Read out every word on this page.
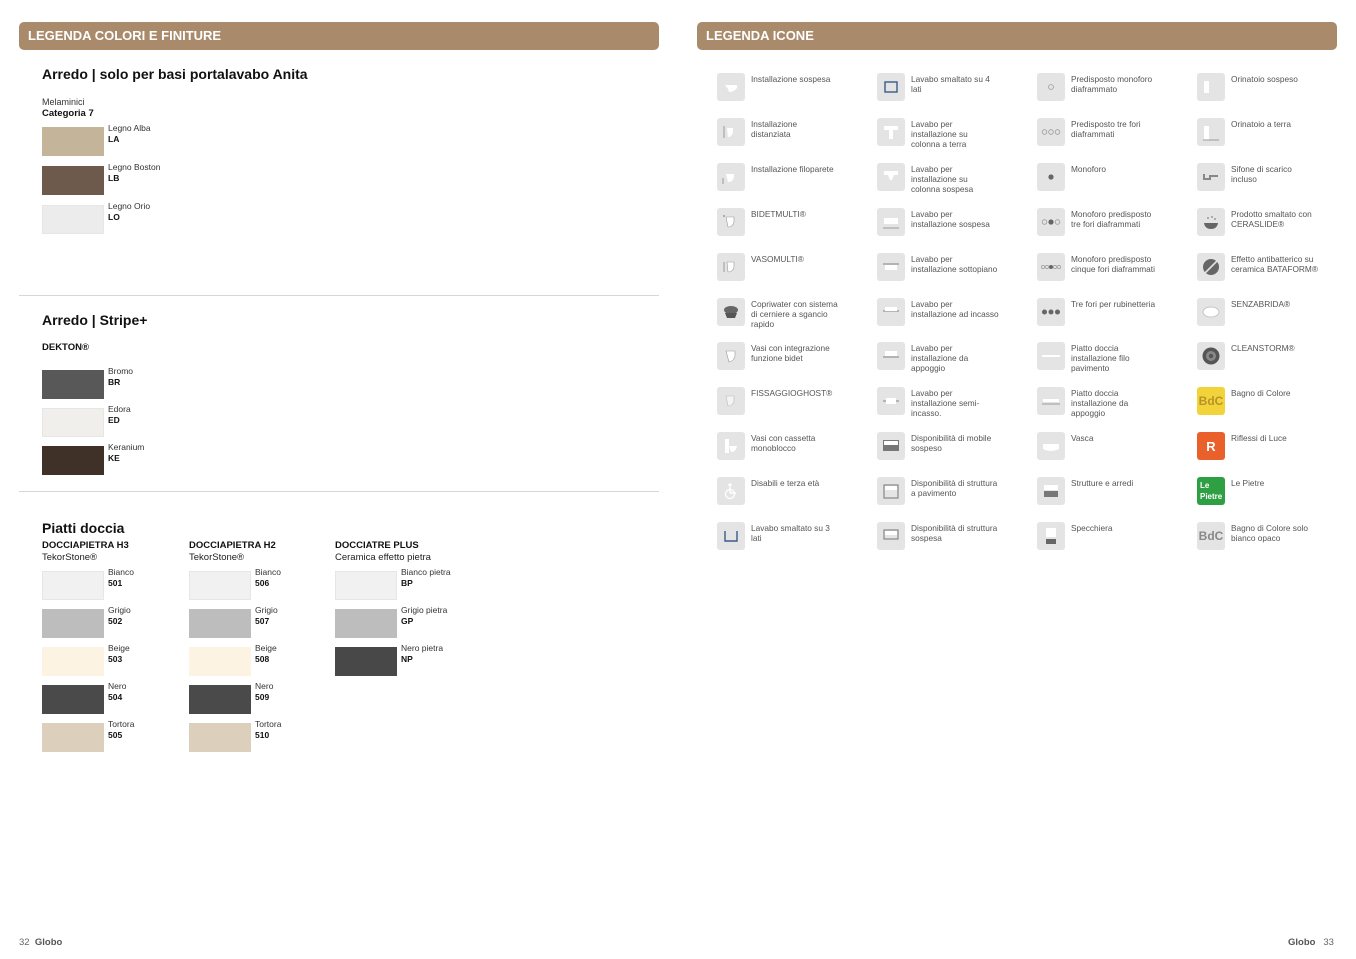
LEGENDA COLORI E FINITURE
Arredo | solo per basi portalavabo Anita
Melaminici
Categoria 7
Legno Alba
LA
Legno Boston
LB
Legno Orio
LO
Arredo | Stripe+
DEKTON®
Bromo
BR
Edora
ED
Keranium
KE
Piatti doccia
DOCCIAPIETRA H3
TekorStone®
Bianco
501
Grigio
502
Beige
503
Nero
504
Tortora
505
DOCCIAPIETRA H2
TekorStone®
Bianco
506
Grigio
507
Beige
508
Nero
509
Tortora
510
DOCCIATRE PLUS
Ceramica effetto pietra
Bianco pietra
BP
Grigio pietra
GP
Nero pietra
NP
32 Globo
LEGENDA ICONE
Installazione sospesa
Installazione distanziata
Installazione filoparete
BIDETMULTI®
VASOMULTI®
Copriwater con sistema di cerniere a sgancio rapido
Vasi con integrazione funzione bidet
FISSAGGIOGHOST®
Vasi con cassetta monoblocco
Disabili e terza età
Lavabo smaltato su 3 lati
Lavabo smaltato su 4 lati
Lavabo per installazione su colonna a terra
Lavabo per installazione su colonna sospesa
Lavabo per installazione sospesa
Lavabo per installazione sottopiano
Lavabo per installazione ad incasso
Lavabo per installazione da appoggio
Lavabo per installazione semi-incasso.
Disponibilità di mobile sospeso
Disponibilità di struttura a pavimento
Disponibilità di struttura sospesa
Predisposto monoforo diaframmato
Predisposto tre fori diaframmati
Monoforo
Monoforo predisposto tre fori diaframmati
Monoforo predisposto cinque fori diaframmati
Tre fori per rubinetteria
Piatto doccia installazione filo pavimento
Piatto doccia installazione da appoggio
Vasca
Strutture e arredi
Specchiera
Orinatoio sospeso
Orinatoio a terra
Sifone di scarico incluso
Prodotto smaltato con CERASLIDE®
Effetto antibatterico su ceramica BATAFORM®
SENZABRIDA®
CLEANSTORM®
BdC
Bagno di Colore
R
Riflessi di Luce
Le
Pietre
Le Pietre
BdC
Bagno di Colore solo bianco opaco
Globo 33
